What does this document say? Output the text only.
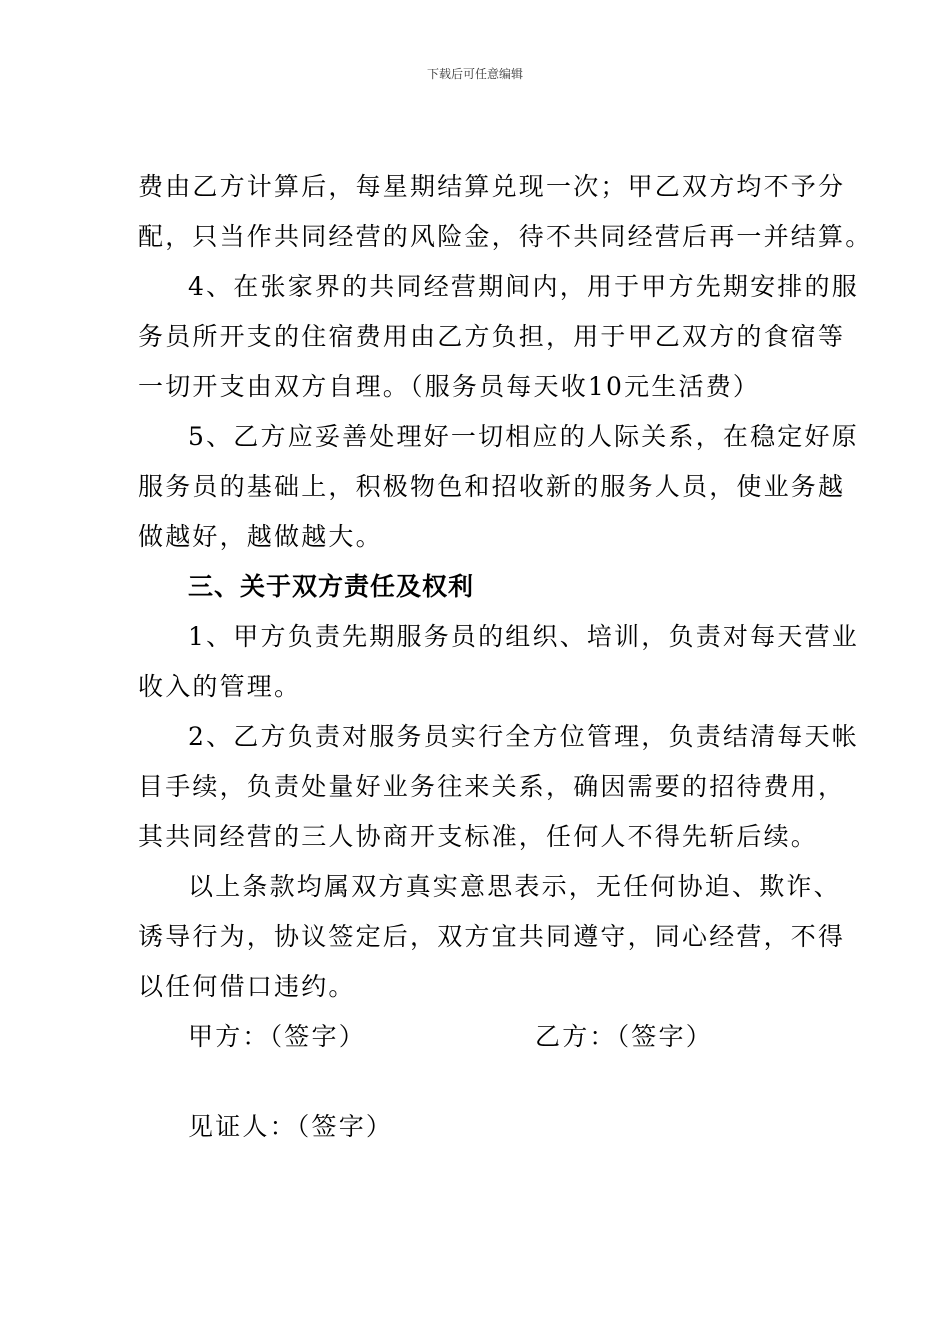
下载后可任意编辑
费由乙方计算后，每星期结算兑现一次；甲乙双方均不予分
配，只当作共同经营的风险金，待不共同经营后再一并结算。
4、在张家界的共同经营期间内，用于甲方先期安排的服
务员所开支的住宿费用由乙方负担，用于甲乙双方的食宿等
一切开支由双方自理。（服务员每天收10元生活费）
5、乙方应妥善处理好一切相应的人际关系，在稳定好原
服务员的基础上，积极物色和招收新的服务人员，使业务越
做越好，越做越大。
三、关于双方责任及权利
1、甲方负责先期服务员的组织、培训，负责对每天营业
收入的管理。
2、乙方负责对服务员实行全方位管理，负责结清每天帐
目手续，负责处量好业务往来关系，确因需要的招待费用，
其共同经营的三人协商开支标准，任何人不得先斩后续。
以上条款均属双方真实意思表示，无任何协迫、欺诈、
诱导行为，协议签定后，双方宜共同遵守，同心经营，不得
以任何借口违约。
甲方：（签字）	乙方：（签字）
见证人：（签字）
